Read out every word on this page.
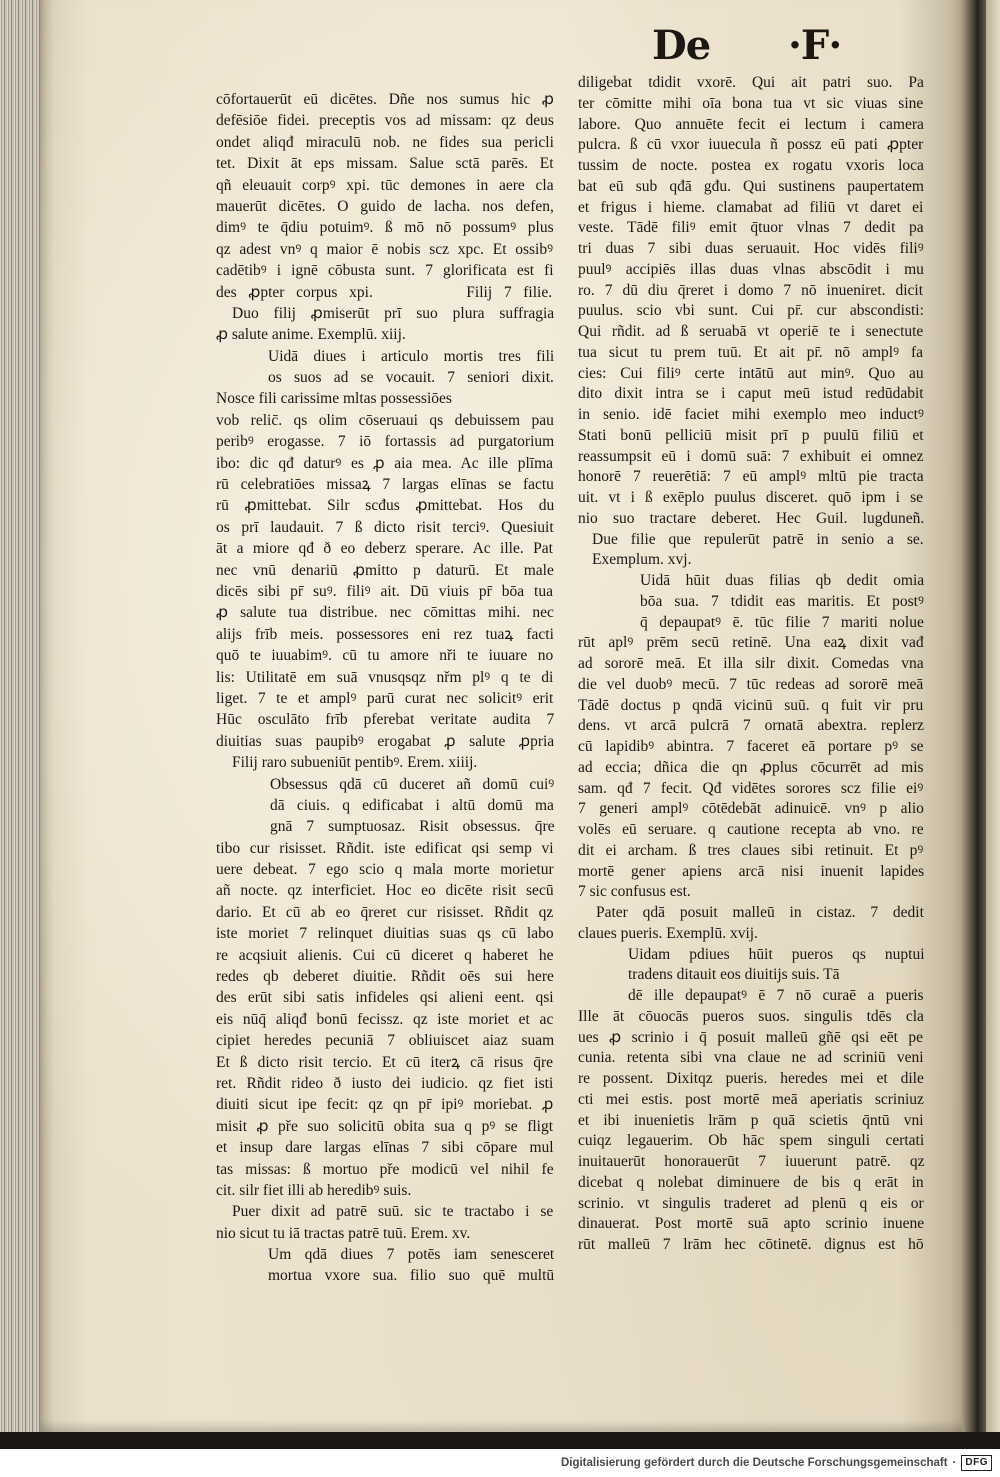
De ·F·
cōfortauerūt eū dicētes. Dñe nos sumus hic ꝓ
defēsiōe fidei. preceptis vos ad missam: qz deus
ondet aliqđ miraculū nob. ne fides sua pericli
tet. Dixit āt eps missam. Salue sctā parēs. Et
qñ eleuauit corpꝰ xpi. tūc demones in aere cla
mauerūt dicētes. O guido de lacha. nos defen,
dimꝰ te q̄diu potuimꝰ. ß mō nō possumꝰ plus
qz adest vnꝰ q maior ē nobis scz xpc. Et ossibꝰ
cadētibꝰ i ignē cōbusta sunt. 7 glorificata est fi
des ꝓpter corpus xpi.        Filij 7 filie.
Duo filij ꝓmiserūt prī suo plura suffragia
ꝓ salute anime. Exemplū. xiij.
Uidā diues i articulo mortis tres fili
os suos ad se vocauit. 7 seniori dixit.
Nosce fili carissime mltas possessiōes
vob relic̄. qs olim cōseruaui qs debuissem pau
peribꝰ erogasse. 7 iō fortassis ad purgatorium
ibo: dic qđ daturꝰ es ꝓ aia mea. Ac ille plīma
rū celebratiōes missaꝝ 7 largas elīnas se factu
rū ꝓmittebat. Silr scđus ꝓmittebat. Hos du
os prī laudauit. 7 ß dicto risit terciꝰ. Quesiuit
āt a miore qđ ð eo deberz sperare. Ac ille. Pat
nec vnū denariū ꝓmitto p daturū. Et male
dicēs sibi pr̄ suꝰ. filiꝰ ait. Dū viuis pr̄ bōa tua
ꝓ salute tua distribue. nec cōmittas mihi. nec
alijs frīb meis. possessores eni rez tuaꝝ facti
quō te iuuabimꝰ. cū tu amore nři te iuuare no
lis: Utilitatē em suā vnusqsqz nřm plꝰ q te di
liget. 7 te et amplꝰ parū curat nec solicitꝰ erit
Hūc osculāto frīb pferebat veritate audita 7
diuitias suas paupibꝰ erogabat ꝓ salute ꝓpria
Filij raro subueniūt pentibꝰ. Erem. xiiij.
Obsessus qdā cū duceret añ domū cuiꝰ
dā ciuis. q edificabat i altū domū ma
gnā 7 sumptuosaz. Risit obsessus. q̄re
tibo cur risisset. Rñdit. iste edificat qsi semp vi
uere debeat. 7 ego scio q mala morte morietur
añ nocte. qz interficiet. Hoc eo dicēte risit secū
dario. Et cū ab eo q̄reret cur risisset. Rñdit qz
iste moriet 7 relinquet diuitias suas qs cū labo
re acqsiuit alienis. Cui cū diceret q haberet he
redes qb deberet diuitie. Rñdit oēs sui here
des erūt sibi satis infideles qsi alieni eent. qsi
eis nūq̄ aliqđ bonū fecissz. qz iste moriet et ac
cipiet heredes pecuniā 7 obliuiscet aiaz suam
Et ß dicto risit tercio. Et cū iterꝝ cā risus q̄re
ret. Rñdit rideo ð iusto dei iudicio. qz fiet isti
diuiti sicut ipe fecit: qz qn pr̄ ipiꝰ moriebat. ꝓ
misit ꝓ pře suo solicitū obita sua q pꝰ se fligt
et insup dare largas elīnas 7 sibi cōpare mul
tas missas: ß mortuo pře modicū vel nihil fe
cit. silr fiet illi ab heredibꝰ suis.
Puer dixit ad patrē suū. sic te tractabo i se
nio sicut tu iā tractas patrē tuū. Erem. xv.
Um qdā diues 7 potēs iam senesceret
mortua vxore sua. filio suo quē multū
diligebat tdidit vxorē. Qui ait patri suo. Pa
ter cōmitte mihi oīa bona tua vt sic viuas sine
labore. Quo annuēte fecit ei lectum i camera
pulcra. ß cū vxor iuuecula ñ possz eū pati ꝓpter
tussim de nocte. postea ex rogatu vxoris loca
bat eū sub qđā gđu. Qui sustinens paupertatem
et frigus i hieme. clamabat ad filiū vt daret ei
veste. Tādē filiꝰ emit q̄tuor vlnas 7 dedit pa
tri duas 7 sibi duas seruauit. Hoc vidēs filiꝰ
puulꝰ accipiēs illas duas vlnas abscōdit i mu
ro. 7 dū diu q̄reret i domo 7 nō inueniret. dicit
puulus. scio vbi sunt. Cui pr̄. cur abscondisti:
Qui rñdit. ad ß seruabā vt operiē te i senectute
tua sicut tu prem tuū. Et ait pr̄. nō amplꝰ fa
cies: Cui filiꝰ certe intātū aut minꝰ. Quo au
dito dixit intra se i caput meū istud redūdabit
in senio. idē faciet mihi exemplo meo inductꝰ
Stati bonū pelliciū misit prī p puulū filiū et
reassumpsit eū i domū suā: 7 exhibuit ei omnez
honorē 7 reuerētiā: 7 eū amplꝰ mltū pie tracta
uit. vt i ß exēplo puulus disceret. quō ipm i se
nio suo tractare deberet. Hec Guil. lugduneñ.
Due filie que repulerūt patrē in senio a se.
Exemplum. xvj.
Uidā hūit duas filias qb dedit omia
bōa sua. 7 tdidit eas maritis. Et postꝰ
q̄ depaupatꝰ ē. tūc filie 7 mariti nolue
rūt aplꝰ prēm secū retinē. Una eaꝝ dixit vađ
ad sororē meā. Et illa silr dixit. Comedas vna
die vel duobꝰ mecū. 7 tūc redeas ad sororē meā
Tādē doctus p qndā vicinū suū. q fuit vir pru
dens. vt arcā pulcrā 7 ornatā abextra. replerz
cū lapidibꝰ abintra. 7 faceret eā portare pꝰ se
ad eccia; dñica die qn ꝓplus cōcurrēt ad mis
sam. qđ 7 fecit. Qđ vidētes sorores scz filie eiꝰ
7 generi amplꝰ cōtēdebāt adinuicē. vnꝰ p alio
volēs eū seruare. q cautione recepta ab vno. re
dit ei archam. ß tres claues sibi retinuit. Et pꝰ
mortē gener apiens arcā nisi inuenit lapides
7 sic confusus est.
Pater qdā posuit malleū in cistaz. 7 dedit
claues pueris. Exemplū. xvij.
Uidam pdiues hūit pueros qs nuptui
tradens ditauit eos diuitijs suis. Tā
dē ille depaupatꝰ ē 7 nō curaē a pueris
Ille āt cōuocās pueros suos. singulis tdēs cla
ues ꝓ scrinio i q̄ posuit malleū gñē qsi eēt pe
cunia. retenta sibi vna claue ne ad scriniū veni
re possent. Dixitqz pueris. heredes mei et dile
cti mei estis. post mortē meā aperiatis scriniuz
et ibi inuenietis lrām p quā scietis q̄ntū vni
cuiqz legauerim. Ob hāc spem singuli certati
inuitauerūt honorauerūt 7 iuuerunt patrē. qz
dicebat q nolebat diminuere de bis q erāt in
scrinio. vt singulis traderet ad plenū q eis or
dinauerat. Post mortē suā apto scrinio inuene
rūt malleū 7 lrām hec cōtinetē. dignus est hō
Digitalisierung gefördert durch die Deutsche Forschungsgemeinschaft · DFG
